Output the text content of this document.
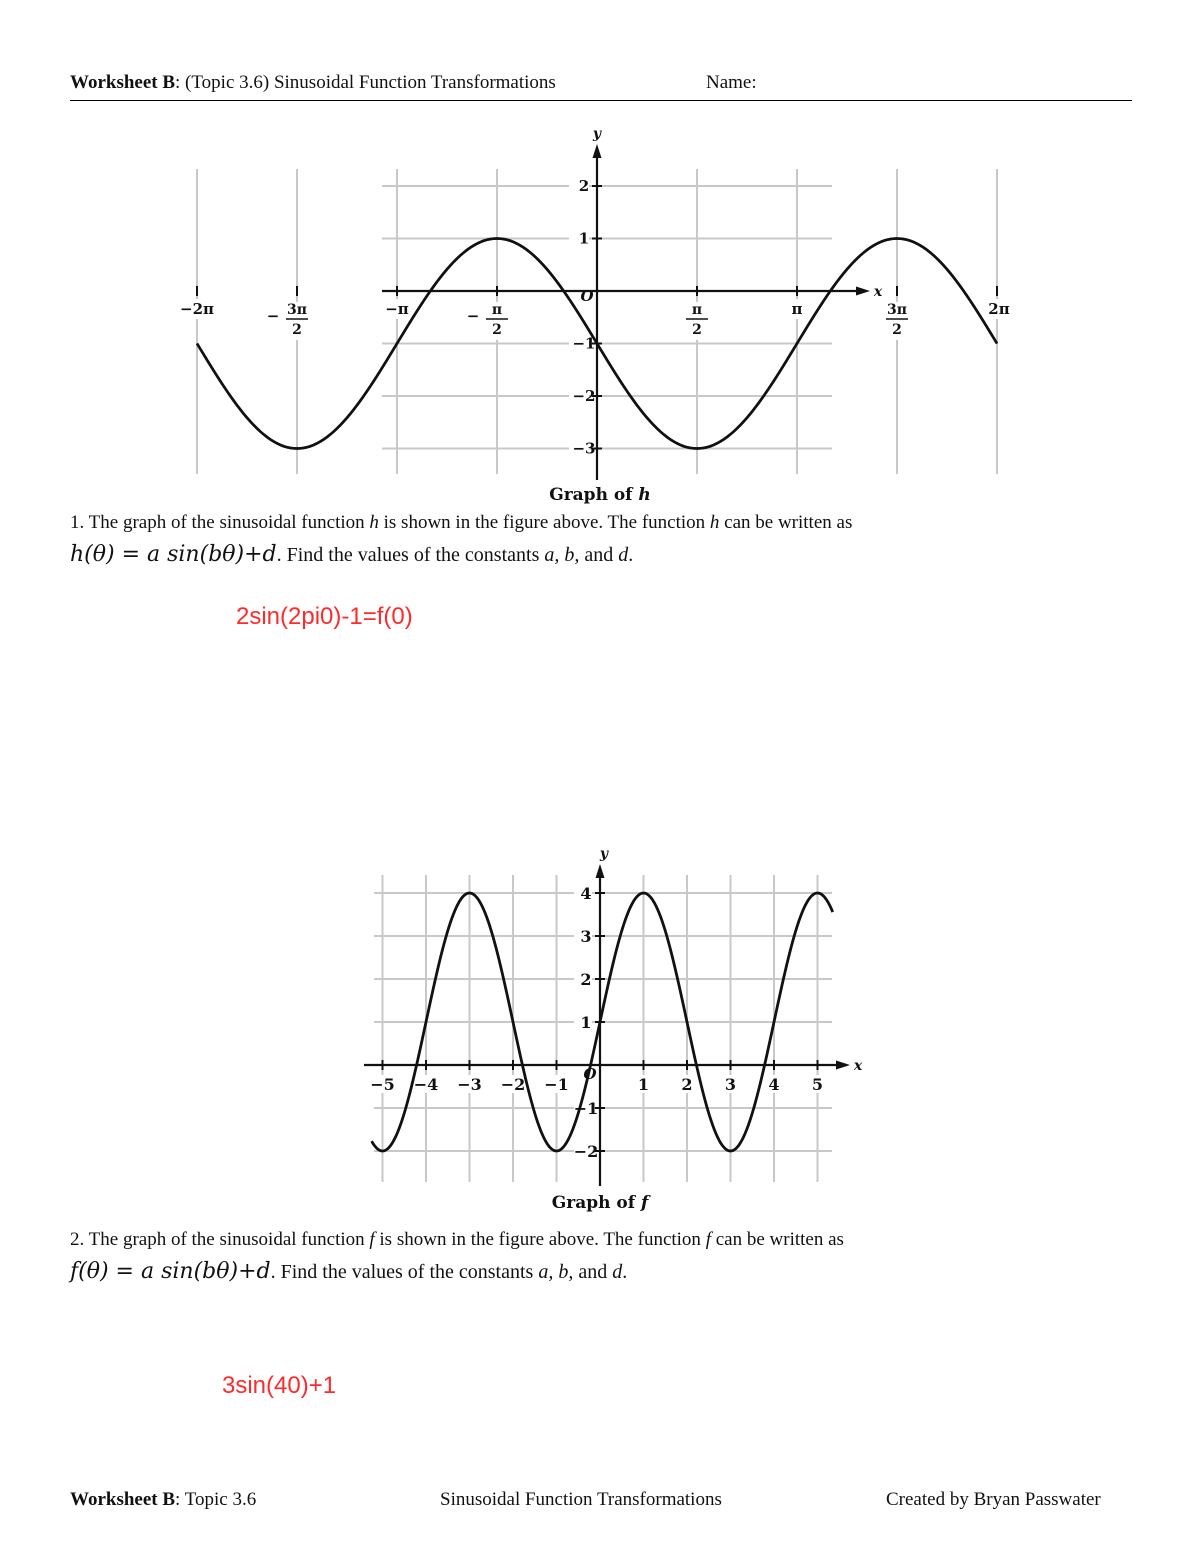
Worksheet B: (Topic 3.6) Sinusoidal Function Transformations	Name:
x
y
2
1
−1
−2
−3
−2π	− 3π
2
−π	− π
2
π
2
π	3π
2
2π
O
Graph of h
1. The graph of the sinusoidal function h is shown in the figure above. The function h can be written as
h(θ) = a sin(bθ)+d. Find the values of the constants a, b, and d.
2sin(2pi0)-1=f(0)
x
y
−5 −4 −3 −2 −1	1 2 3 4 5
4
3
2
1
−1
−2
O
Graph of f
2. The graph of the sinusoidal function f is shown in the figure above. The function f can be written as
f(θ) = a sin(bθ)+d. Find the values of the constants a, b, and d.
3sin(40)+1
Worksheet B: Topic 3.6	Sinusoidal Function Transformations	Created by Bryan Passwater
